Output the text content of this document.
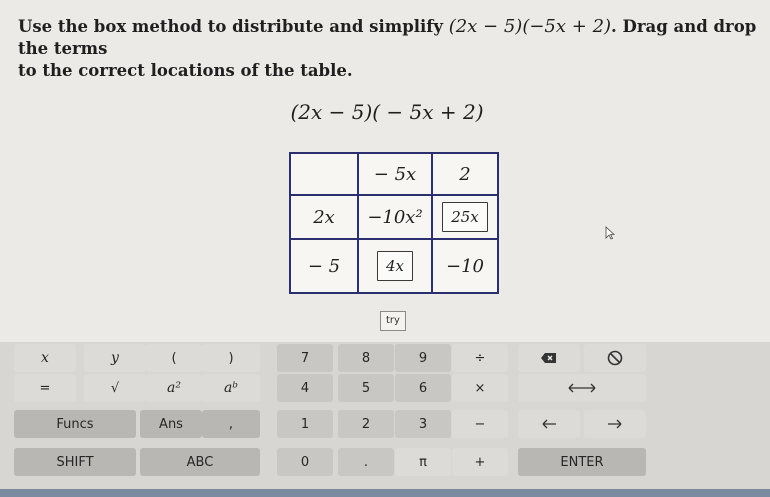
Use the box method to distribute and simplify (2x − 5)(−5x + 2). Drag and drop the terms
to the correct locations of the table.
(2x − 5)( − 5x + 2)
	− 5x	2
2x	−10x²	25x
− 5	4x	−10
try
x	y	(	)	7	8	9	÷
=	√	a²	aᵇ	4	5	6	×
Funcs	Ans	,	1	2	3	−
SHIFT	ABC	0	.	π	+	ENTER
